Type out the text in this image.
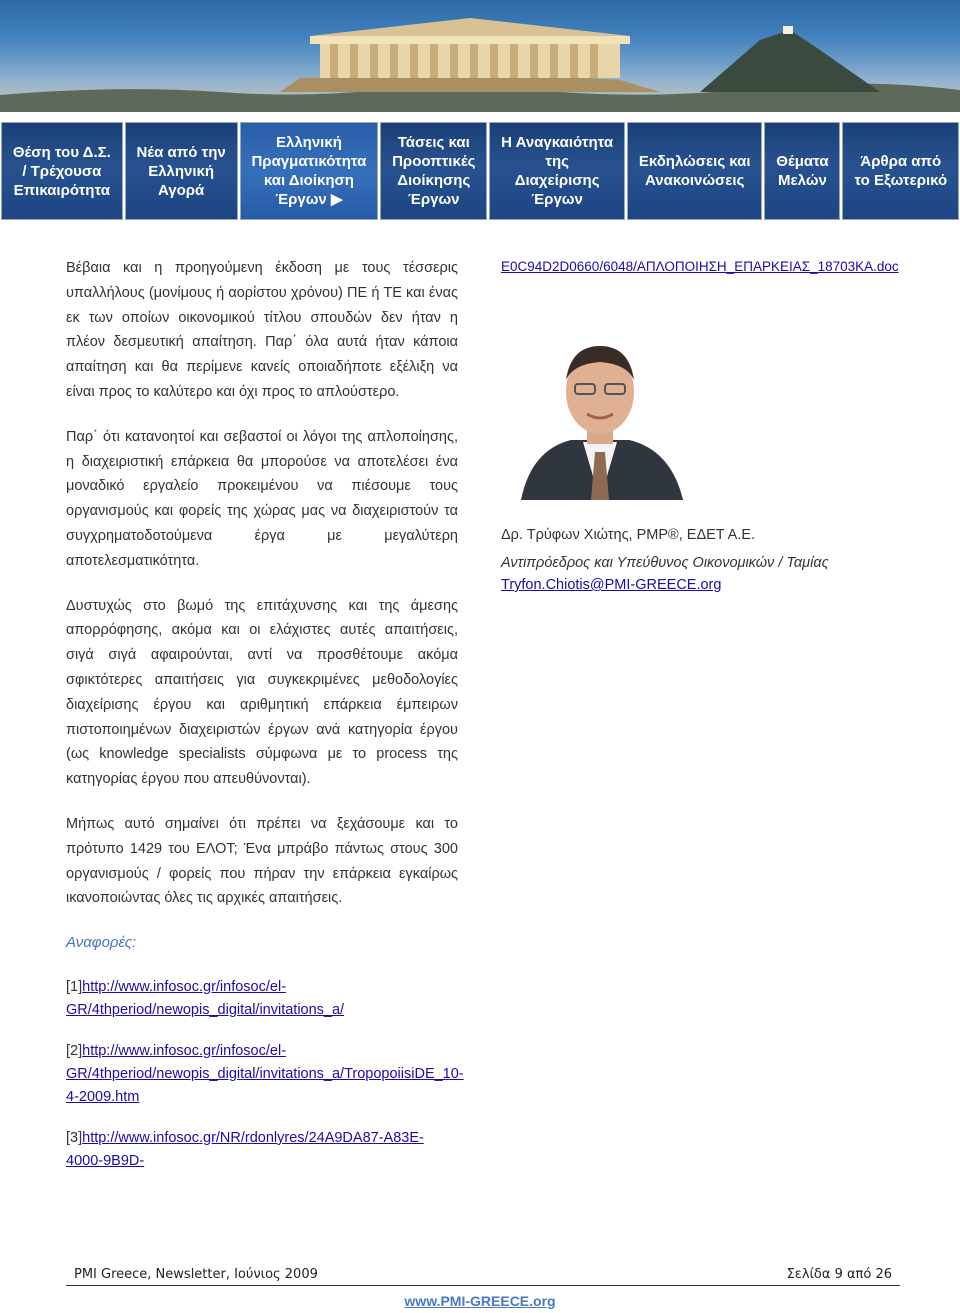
Θέση του Δ.Σ.
/ Τρέχουσα
Επικαιρότητα
Νέα από την
Ελληνική
Αγορά
Ελληνική
Πραγματικότητα
και Διοίκηση
Έργων ▶
Τάσεις και
Προοπτικές
Διοίκησης
Έργων
Η Αναγκαιότητα
της
Διαχείρισης
Έργων
Εκδηλώσεις και
Ανακοινώσεις
Θέματα
Μελών
Άρθρα από
το Εξωτερικό

Βέβαια και η προηγούμενη έκδοση με τους τέσσερις υπαλλήλους (μονίμους ή αορίστου χρόνου) ΠΕ ή ΤΕ και ένας εκ των οποίων οικονομικού τίτλου σπουδών δεν ήταν η πλέον δεσμευτική απαίτηση. Παρ΄ όλα αυτά ήταν κάποια απαίτηση και θα περίμενε κανείς οποιαδήποτε εξέλιξη να είναι προς το καλύτερο και όχι προς το απλούστερο.

Παρ΄ ότι κατανοητοί και σεβαστοί οι λόγοι της απλοποίησης, η διαχειριστική επάρκεια θα μπορούσε να αποτελέσει ένα μοναδικό εργαλείο προκειμένου να πιέσουμε τους οργανισμούς και φορείς της χώρας μας να διαχειριστούν τα συγχρηματοδοτούμενα έργα με μεγαλύτερη αποτελεσματικότητα.

Δυστυχώς στο βωμό της επιτάχυνσης και της άμεσης απορρόφησης, ακόμα και οι ελάχιστες αυτές απαιτήσεις, σιγά σιγά αφαιρούνται, αντί να προσθέτουμε ακόμα σφικτότερες απαιτήσεις για συγκεκριμένες μεθοδολογίες διαχείρισης έργου και αριθμητική επάρκεια έμπειρων πιστοποιημένων διαχειριστών έργων ανά κατηγορία έργου (ως knowledge specialists σύμφωνα με το process της κατηγορίας έργου που απευθύνονται).

Μήπως αυτό σημαίνει ότι πρέπει να ξεχάσουμε και το πρότυπο 1429 του ΕΛΟΤ; Ένα μπράβο πάντως στους 300 οργανισμούς / φορείς που πήραν την επάρκεια εγκαίρως ικανοποιώντας όλες τις αρχικές απαιτήσεις.

Αναφορές:
[1]http://www.infosoc.gr/infosoc/el-GR/4thperiod/newopis_digital/invitations_a/
[2]http://www.infosoc.gr/infosoc/el-GR/4thperiod/newopis_digital/invitations_a/TropopoiisiDE_10-4-2009.htm
[3]http://www.infosoc.gr/NR/rdonlyres/24A9DA87-A83E-4000-9B9D-
E0C94D2D0660/6048/ΑΠΛΟΠΟΙΗΣΗ_ΕΠΑΡΚΕΙΑΣ_18703ΚΑ.doc
Δρ. Τρύφων Χιώτης, PMP®, ΕΔΕΤ Α.Ε.
Αντιπρόεδρος και Υπεύθυνος Οικονομικών / Ταμίας
Tryfon.Chiotis@PMI-GREECE.org
PMI Greece, Newsletter, Ιούνιος 2009	Σελίδα 9 από 26
www.PMI-GREECE.org
